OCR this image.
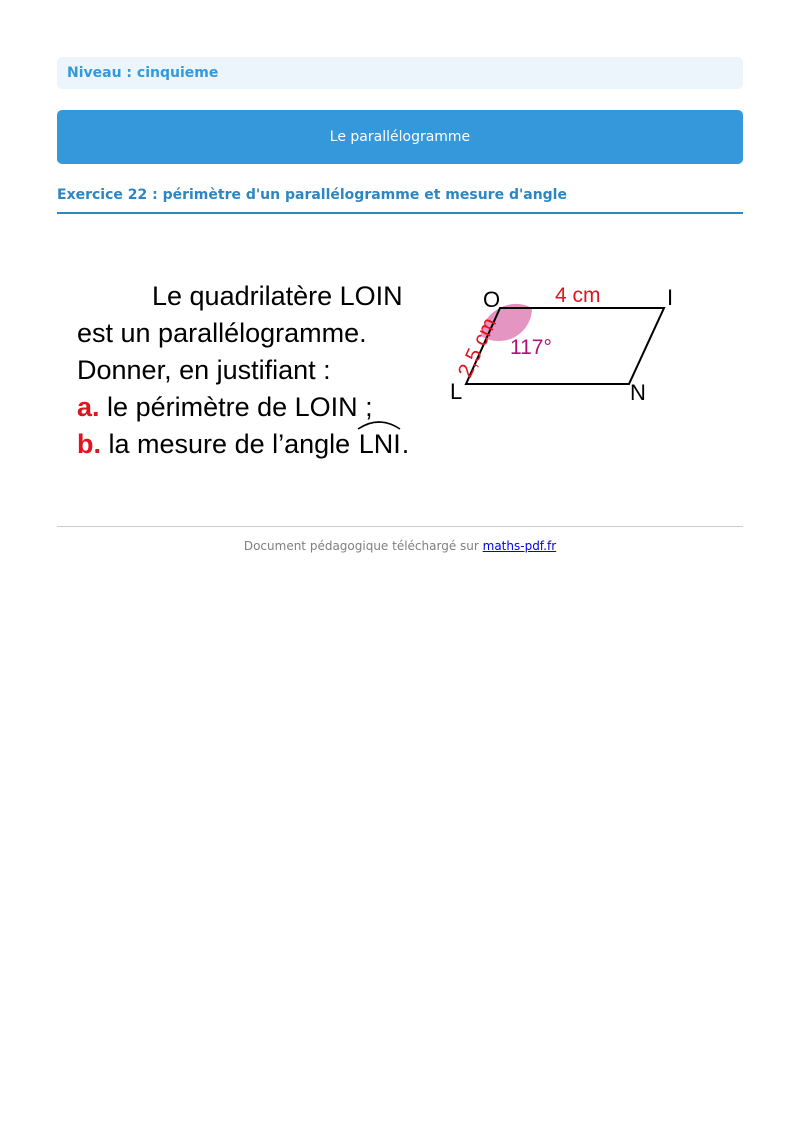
Niveau : cinquieme
Le parallélogramme
Exercice 22 : périmètre d'un parallélogramme et mesure d'angle
Le quadrilatère LOIN
est un parallélogramme.
Donner, en justifiant :
a. le périmètre de LOIN ;
b. la mesure de l’angle LNI.
O	I
L	N
4 cm
2,5 cm 117°
Document pédagogique téléchargé sur maths-pdf.fr
